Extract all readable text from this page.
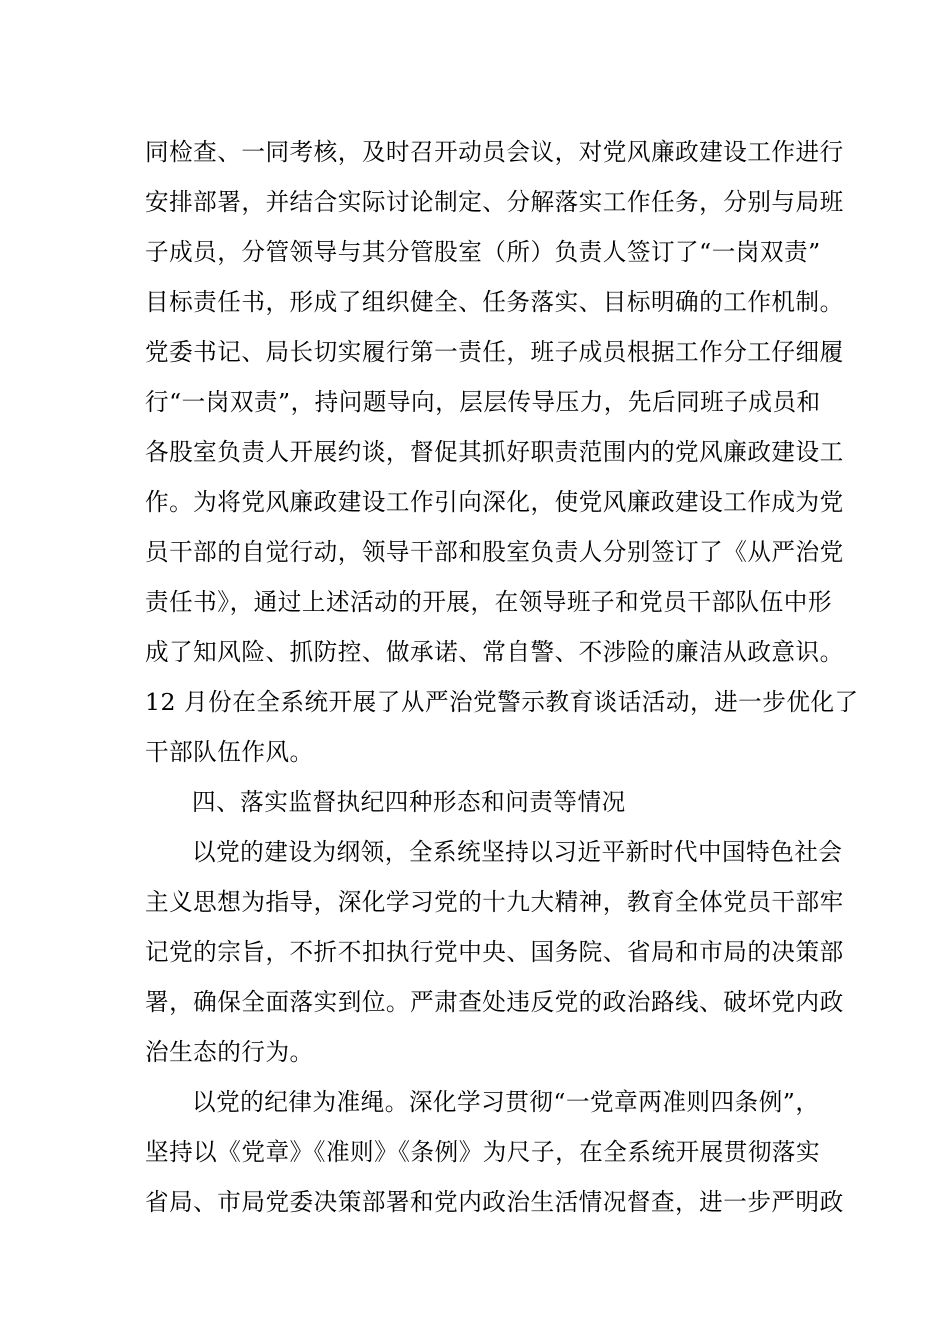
同检查、一同考核，及时召开动员会议，对党风廉政建设工作进行
安排部署，并结合实际讨论制定、分解落实工作任务，分别与局班
子成员，分管领导与其分管股室（所）负责人签订了“一岗双责”
目标责任书，形成了组织健全、任务落实、目标明确的工作机制。
党委书记、局长切实履行第一责任，班子成员根据工作分工仔细履
行“一岗双责”，持问题导向，层层传导压力，先后同班子成员和
各股室负责人开展约谈，督促其抓好职责范围内的党风廉政建设工
作。为将党风廉政建设工作引向深化，使党风廉政建设工作成为党
员干部的自觉行动，领导干部和股室负责人分别签订了《从严治党
责任书》，通过上述活动的开展，在领导班子和党员干部队伍中形
成了知风险、抓防控、做承诺、常自警、不涉险的廉洁从政意识。
12 月份在全系统开展了从严治党警示教育谈话活动，进一步优化了
干部队伍作风。
四、落实监督执纪四种形态和问责等情况
以党的建设为纲领，全系统坚持以习近平新时代中国特色社会
主义思想为指导，深化学习党的十九大精神，教育全体党员干部牢
记党的宗旨，不折不扣执行党中央、国务院、省局和市局的决策部
署，确保全面落实到位。严肃查处违反党的政治路线、破坏党内政
治生态的行为。
以党的纪律为准绳。深化学习贯彻“一党章两准则四条例”，
坚持以《党章》《准则》《条例》为尺子，在全系统开展贯彻落实
省局、市局党委决策部署和党内政治生活情况督查，进一步严明政
